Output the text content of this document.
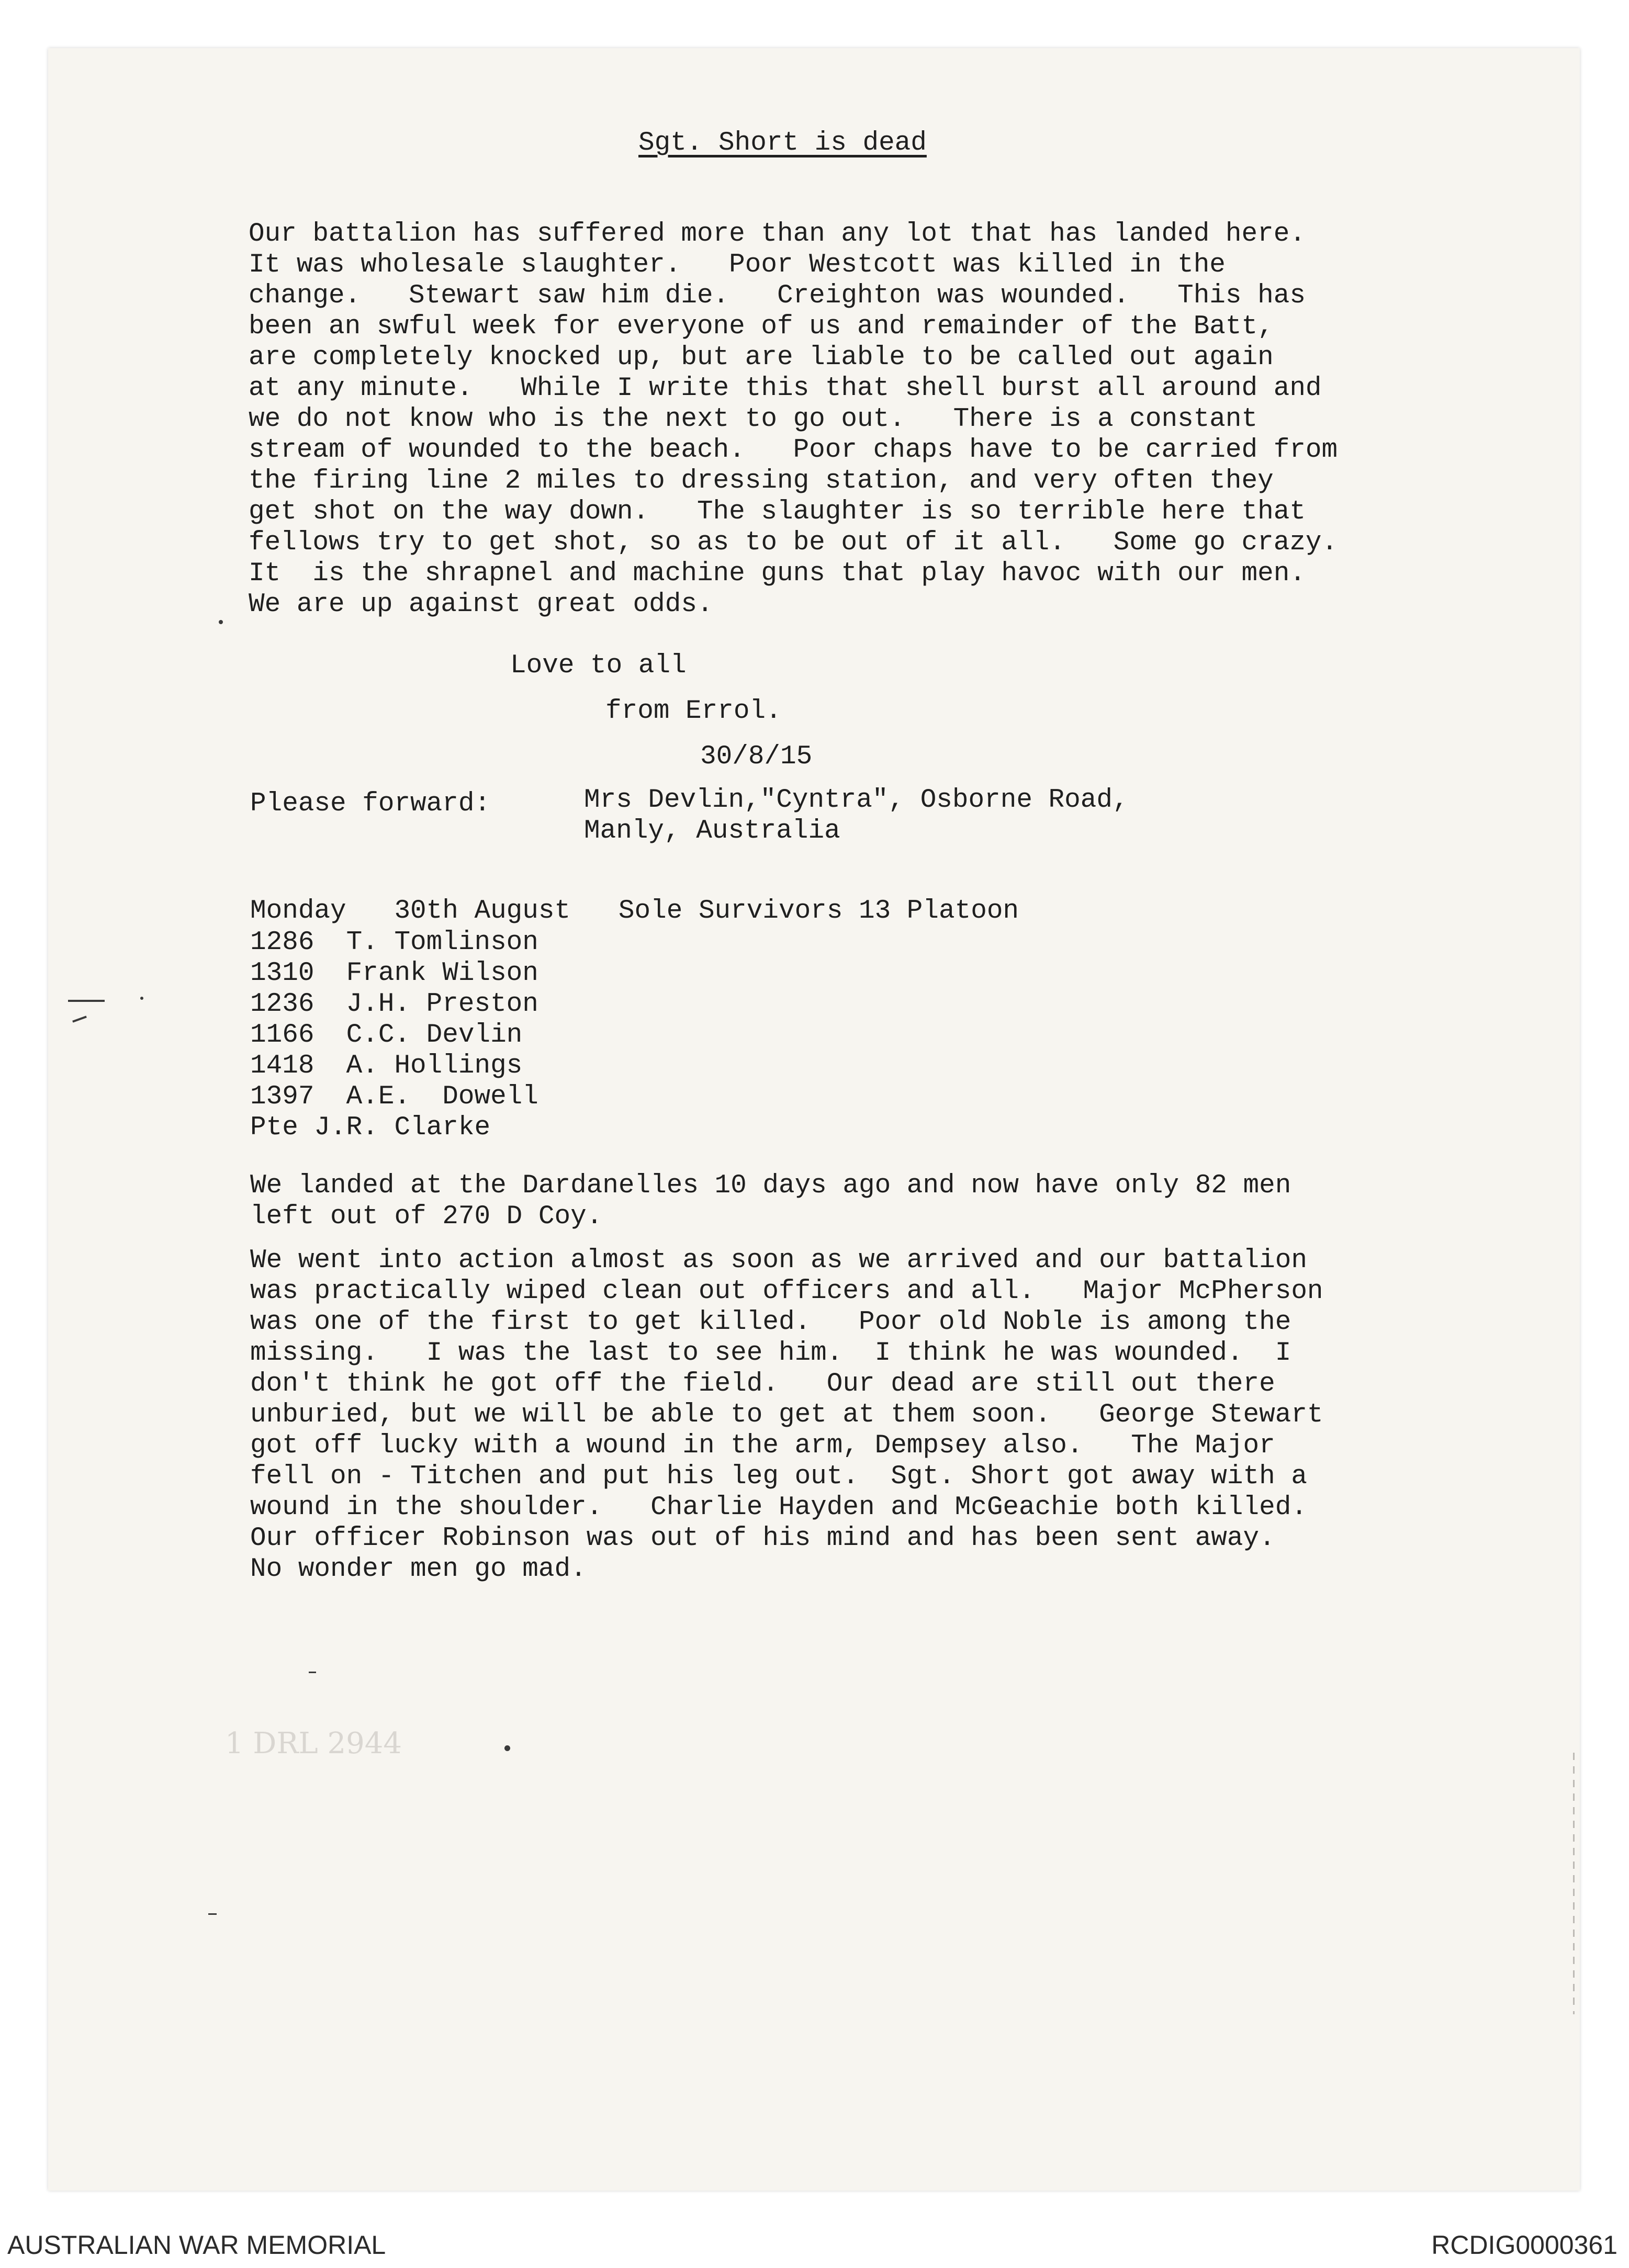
Sgt. Short is dead
Our battalion has suffered more than any lot that has landed here.
It was wholesale slaughter.   Poor Westcott was killed in the
change.   Stewart saw him die.   Creighton was wounded.   This has
been an swful week for everyone of us and remainder of the Batt,
are completely knocked up, but are liable to be called out again
at any minute.   While I write this that shell burst all around and
we do not know who is the next to go out.   There is a constant
stream of wounded to the beach.   Poor chaps have to be carried from
the firing line 2 miles to dressing station, and very often they
get shot on the way down.   The slaughter is so terrible here that
fellows try to get shot, so as to be out of it all.   Some go crazy.
It  is the shrapnel and machine guns that play havoc with our men.
We are up against great odds.
Love to all
from Errol.
30/8/15
Please forward:	Mrs Devlin,"Cyntra", Osborne Road,
Manly, Australia
Monday   30th August   Sole Survivors 13 Platoon
1286  T. Tomlinson
1310  Frank Wilson
1236  J.H. Preston
1166  C.C. Devlin
1418  A. Hollings
1397  A.E.  Dowell
Pte J.R. Clarke
We landed at the Dardanelles 10 days ago and now have only 82 men
left out of 270 D Coy.
We went into action almost as soon as we arrived and our battalion
was practically wiped clean out officers and all.   Major McPherson
was one of the first to get killed.   Poor old Noble is among the
missing.   I was the last to see him.  I think he was wounded.  I
don't think he got off the field.   Our dead are still out there
unburied, but we will be able to get at them soon.   George Stewart
got off lucky with a wound in the arm, Dempsey also.   The Major
fell on - Titchen and put his leg out.  Sgt. Short got away with a
wound in the shoulder.   Charlie Hayden and McGeachie both killed.
Our officer Robinson was out of his mind and has been sent away.
No wonder men go mad.
1 DRL 2944
AUSTRALIAN WAR MEMORIAL	RCDIG0000361
